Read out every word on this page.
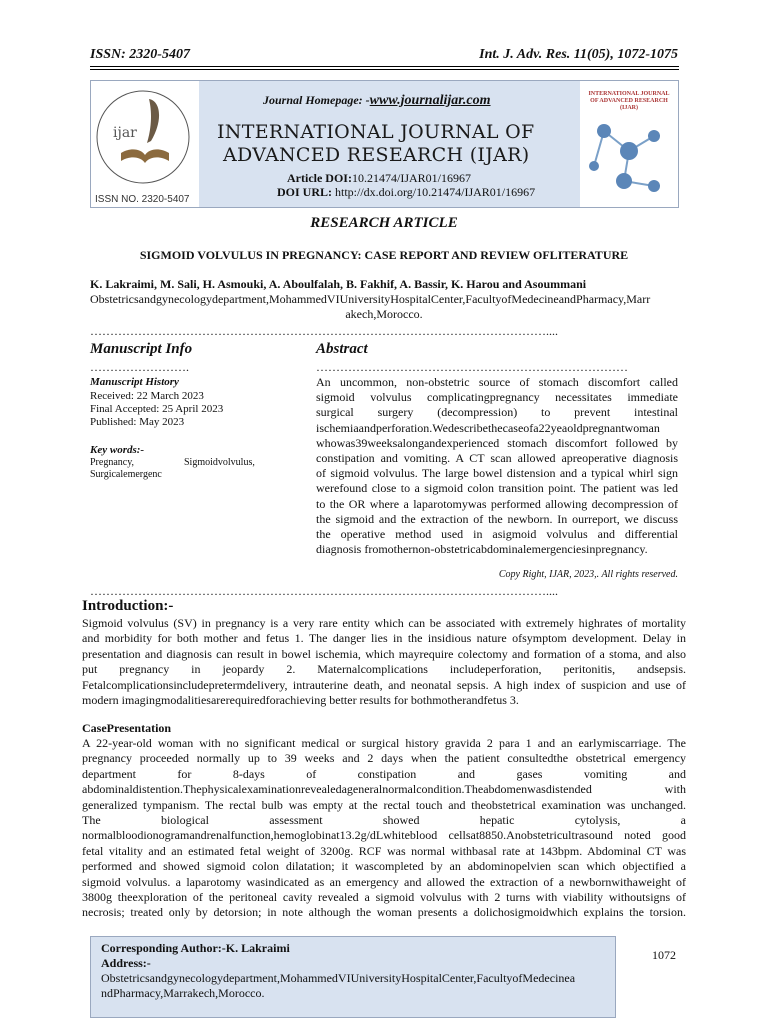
ISSN: 2320-5407	Int. J. Adv. Res. 11(05), 1072-1075
ijar
ISSN NO. 2320-5407
Journal Homepage: -www.journalijar.com
INTERNATIONAL JOURNAL OF
ADVANCED RESEARCH (IJAR)
Article DOI:10.21474/IJAR01/16967
DOI URL: http://dx.doi.org/10.21474/IJAR01/16967
INTERNATIONAL JOURNAL OF ADVANCED RESEARCH (IJAR)
RESEARCH ARTICLE
SIGMOID VOLVULUS IN PREGNANCY: CASE REPORT AND REVIEW OFLITERATURE
K. Lakraimi, M. Sali, H. Asmouki, A. Aboulfalah, B. Fakhif, A. Bassir, K. Harou and Asoummani
Obstetricsandgynecologydepartment,MohammedVIUniversityHospitalCenter,FacultyofMedecineandPharmacy,Marr
akech,Morocco.
……………………………………………………………………………………………………....
Manuscript Info
…………………….
Manuscript History
Received: 22 March 2023
Final Accepted: 25 April 2023
Published: May 2023
Key words:-
Pregnancy,	Sigmoidvolvulus,
Surgicalemergenc
Abstract
……………………………………………………………………
An uncommon, non-obstetric source of stomach discomfort called
sigmoid volvulus complicatingpregnancy necessitates immediate
surgical surgery (decompression) to prevent intestinal
ischemiaandperforation.Wedescribethecaseofa22yeaoldpregnantwoman
whowas39weeksalongandexperienced stomach discomfort followed by
constipation and vomiting. A CT scan allowed apreoperative diagnosis
of sigmoid volvulus. The large bowel distension and a typical whirl sign
werefound close to a sigmoid colon transition point. The patient was led
to the OR where a laparotomywas performed allowing decompression of
the sigmoid and the extraction of the newborn. In ourreport, we discuss
the operative method used in asigmoid volvulus and differential
diagnosis fromothernon-obstetricabdominalemergenciesinpregnancy.
Copy Right, IJAR, 2023,. All rights reserved.
……………………………………………………………………………………………………....
Introduction:-
Sigmoid volvulus (SV) in pregnancy is a very rare entity which can be associated with extremely highrates of mortality
and morbidity for both mother and fetus 1. The danger lies in the insidious nature ofsymptom development. Delay in
presentation and diagnosis can result in bowel ischemia, which mayrequire colectomy and formation of a stoma, and also
put pregnancy in jeopardy 2. Maternalcomplications includeperforation, peritonitis, andsepsis.
Fetalcomplicationsincludepretermdelivery, intrauterine death, and neonatal sepsis. A high index of suspicion and use of
modern imagingmodalitiesarerequiredforachieving better results for bothmotherandfetus 3.
CasePresentation
A 22-year-old woman with no significant medical or surgical history gravida 2 para 1 and an earlymiscarriage. The
pregnancy proceeded normally up to 39 weeks and 2 days when the patient consultedthe obstetrical emergency
department for 8-days of constipation and gases vomiting and
abdominaldistention.Thephysicalexaminationrevealedageneralnormalcondition.Theabdomenwasdistended with
generalized tympanism. The rectal bulb was empty at the rectal touch and theobstetrical examination was unchanged.
The biological assessment showed hepatic cytolysis, a
normalbloodionogramandrenalfunction,hemoglobinat13.2g/dLwhiteblood cellsat8850.Anobstetricultrasound noted good
fetal vitality and an estimated fetal weight of 3200g. RCF was normal withbasal rate at 143bpm. Abdominal CT was
performed and showed sigmoid colon dilatation; it wascompleted by an abdominopelvien scan which objectified a
sigmoid volvulus. a laparotomy wasindicated as an emergency and allowed the extraction of a newbornwithaweight of
3800g theexploration of the peritoneal cavity revealed a sigmoid volvulus with 2 turns with viability withoutsigns of
necrosis; treated only by detorsion; in note although the woman presents a dolichosigmoidwhich explains the torsion.
Corresponding Author:-K. Lakraimi
Address:-
Obstetricsandgynecologydepartment,MohammedVIUniversityHospitalCenter,FacultyofMedecinea
ndPharmacy,Marrakech,Morocco.
1072
